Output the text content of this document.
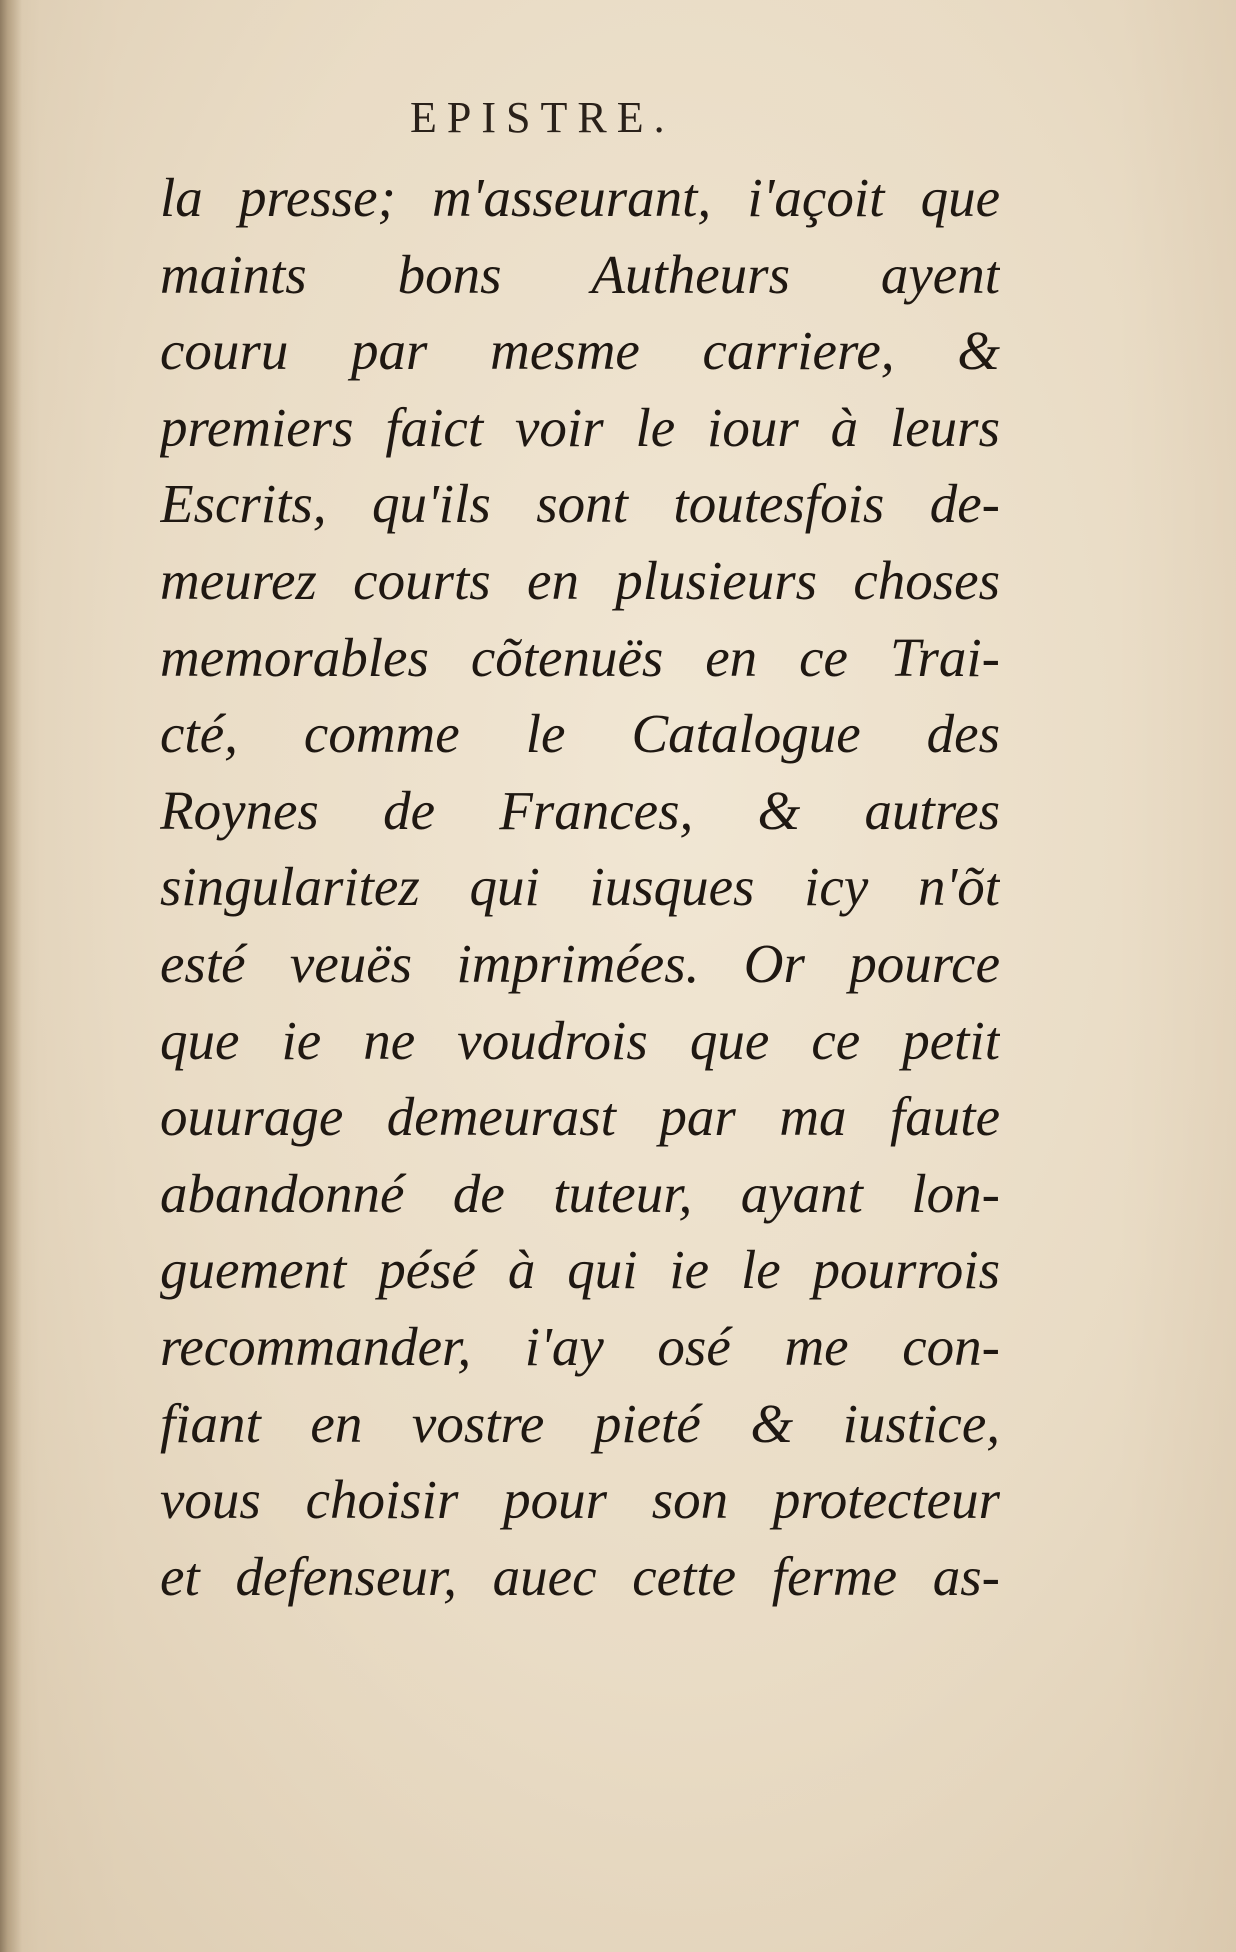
EPISTRE.
la presse; m'asseurant, i'açoit que
maints bons Autheurs ayent
couru par mesme carriere, &
premiers faict voir le iour à leurs
Escrits, qu'ils sont toutesfois de-
meurez courts en plusieurs choses
memorables cõtenuës en ce Trai-
cté, comme le Catalogue des
Roynes de Frances, & autres
singularitez qui iusques icy n'õt
esté veuës imprimées. Or pource
que ie ne voudrois que ce petit
ouurage demeurast par ma faute
abandonné de tuteur, ayant lon-
guement pésé à qui ie le pourrois
recommander, i'ay osé me con-
fiant en vostre pieté & iustice,
vous choisir pour son protecteur
et defenseur, auec cette ferme as-
